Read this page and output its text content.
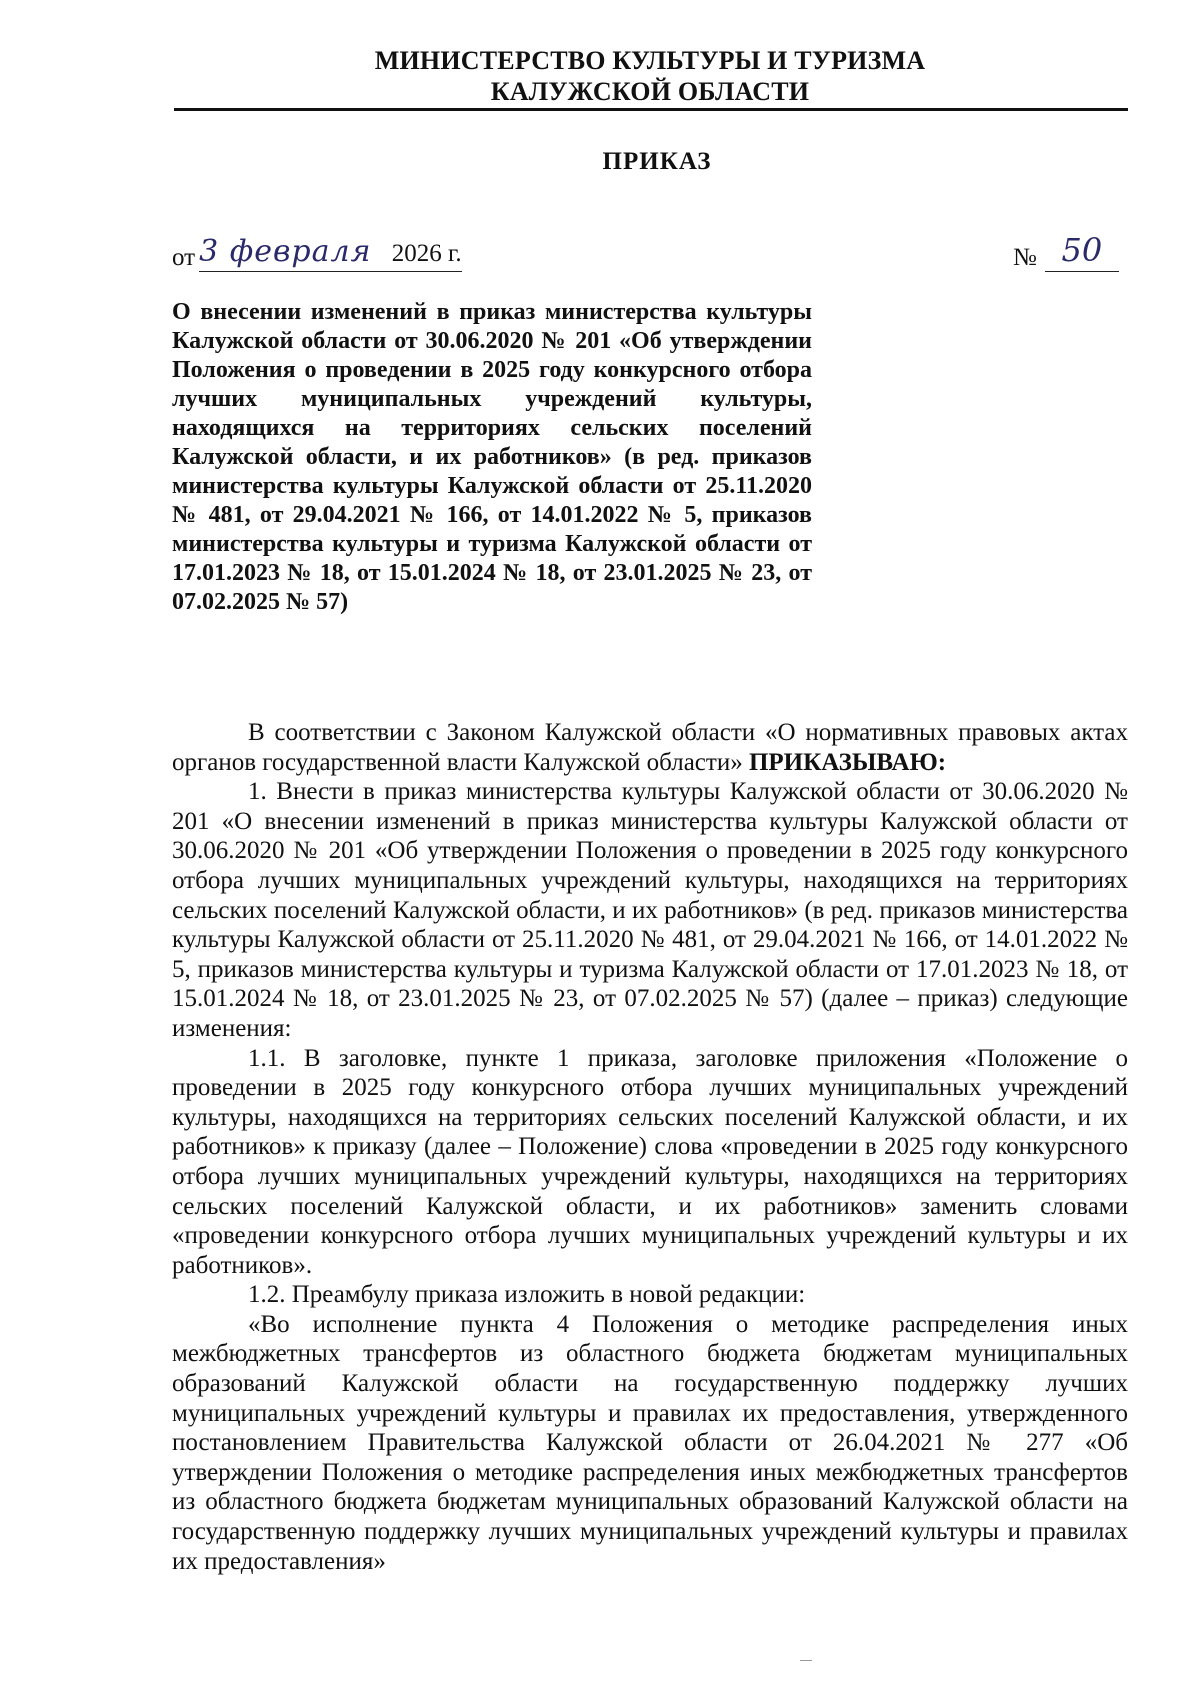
МИНИСТЕРСТВО КУЛЬТУРЫ И ТУРИЗМА
КАЛУЖСКОЙ ОБЛАСТИ
ПРИКАЗ
от 3 февраля 2026 г.	№ 50
О внесении изменений в приказ министерства культуры Калужской области от 30.06.2020 № 201 «Об утверждении Положения о проведении в 2025 году конкурсного отбора лучших муниципальных учреждений культуры, находящихся на территориях сельских поселений Калужской области, и их работников» (в ред. приказов министерства культуры Калужской области от 25.11.2020 № 481, от 29.04.2021 № 166, от 14.01.2022 № 5, приказов министерства культуры и туризма Калужской области от 17.01.2023 № 18, от 15.01.2024 № 18, от 23.01.2025 № 23, от 07.02.2025 № 57)

В соответствии с Законом Калужской области «О нормативных правовых актах органов государственной власти Калужской области» ПРИКАЗЫВАЮ:

1. Внести в приказ министерства культуры Калужской области от 30.06.2020 № 201 «О внесении изменений в приказ министерства культуры Калужской области от 30.06.2020 № 201 «Об утверждении Положения о проведении в 2025 году конкурсного отбора лучших муниципальных учреждений культуры, находящихся на территориях сельских поселений Калужской области, и их работников» (в ред. приказов министерства культуры Калужской области от 25.11.2020 № 481, от 29.04.2021 № 166, от 14.01.2022 № 5, приказов министерства культуры и туризма Калужской области от 17.01.2023 № 18, от 15.01.2024 № 18, от 23.01.2025 № 23, от 07.02.2025 № 57) (далее – приказ) следующие изменения:

1.1. В заголовке, пункте 1 приказа, заголовке приложения «Положение о проведении в 2025 году конкурсного отбора лучших муниципальных учреждений культуры, находящихся на территориях сельских поселений Калужской области, и их работников» к приказу (далее – Положение) слова «проведении в 2025 году конкурсного отбора лучших муниципальных учреждений культуры, находящихся на территориях сельских поселений Калужской области, и их работников» заменить словами «проведении конкурсного отбора лучших муниципальных учреждений культуры и их работников».

1.2. Преамбулу приказа изложить в новой редакции:

«Во исполнение пункта 4 Положения о методике распределения иных межбюджетных трансфертов из областного бюджета бюджетам муниципальных образований Калужской области на государственную поддержку лучших муниципальных учреждений культуры и правилах их предоставления, утвержденного постановлением Правительства Калужской области от 26.04.2021 № 277 «Об утверждении Положения о методике распределения иных межбюджетных трансфертов из областного бюджета бюджетам муниципальных образований Калужской области на государственную поддержку лучших муниципальных учреждений культуры и правилах их предоставления»
